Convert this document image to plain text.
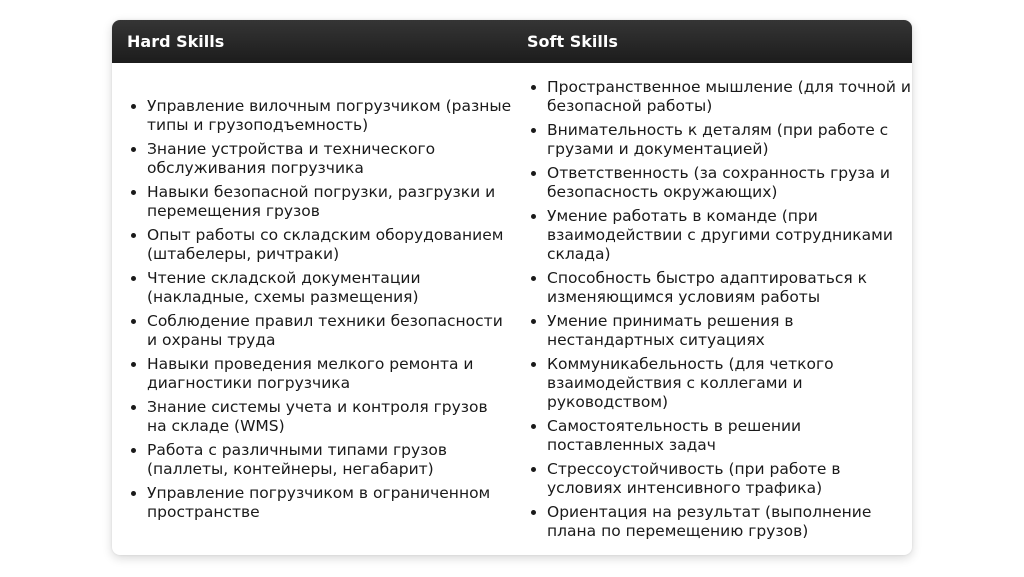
Hard Skills	Soft Skills
• Управление вилочным погрузчиком (разные типы и грузоподъемность)
• Знание устройства и технического обслуживания погрузчика
• Навыки безопасной погрузки, разгрузки и перемещения грузов
• Опыт работы со складским оборудованием (штабелеры, ричтраки)
• Чтение складской документации (накладные, схемы размещения)
• Соблюдение правил техники безопасности и охраны труда
• Навыки проведения мелкого ремонта и диагностики погрузчика
• Знание системы учета и контроля грузов на складе (WMS)
• Работа с различными типами грузов (паллеты, контейнеры, негабарит)
• Управление погрузчиком в ограниченном пространстве
• Пространственное мышление (для точной и безопасной работы)
• Внимательность к деталям (при работе с грузами и документацией)
• Ответственность (за сохранность груза и безопасность окружающих)
• Умение работать в команде (при взаимодействии с другими сотрудниками склада)
• Способность быстро адаптироваться к изменяющимся условиям работы
• Умение принимать решения в нестандартных ситуациях
• Коммуникабельность (для четкого взаимодействия с коллегами и руководством)
• Самостоятельность в решении поставленных задач
• Стрессоустойчивость (при работе в условиях интенсивного трафика)
• Ориентация на результат (выполнение плана по перемещению грузов)
